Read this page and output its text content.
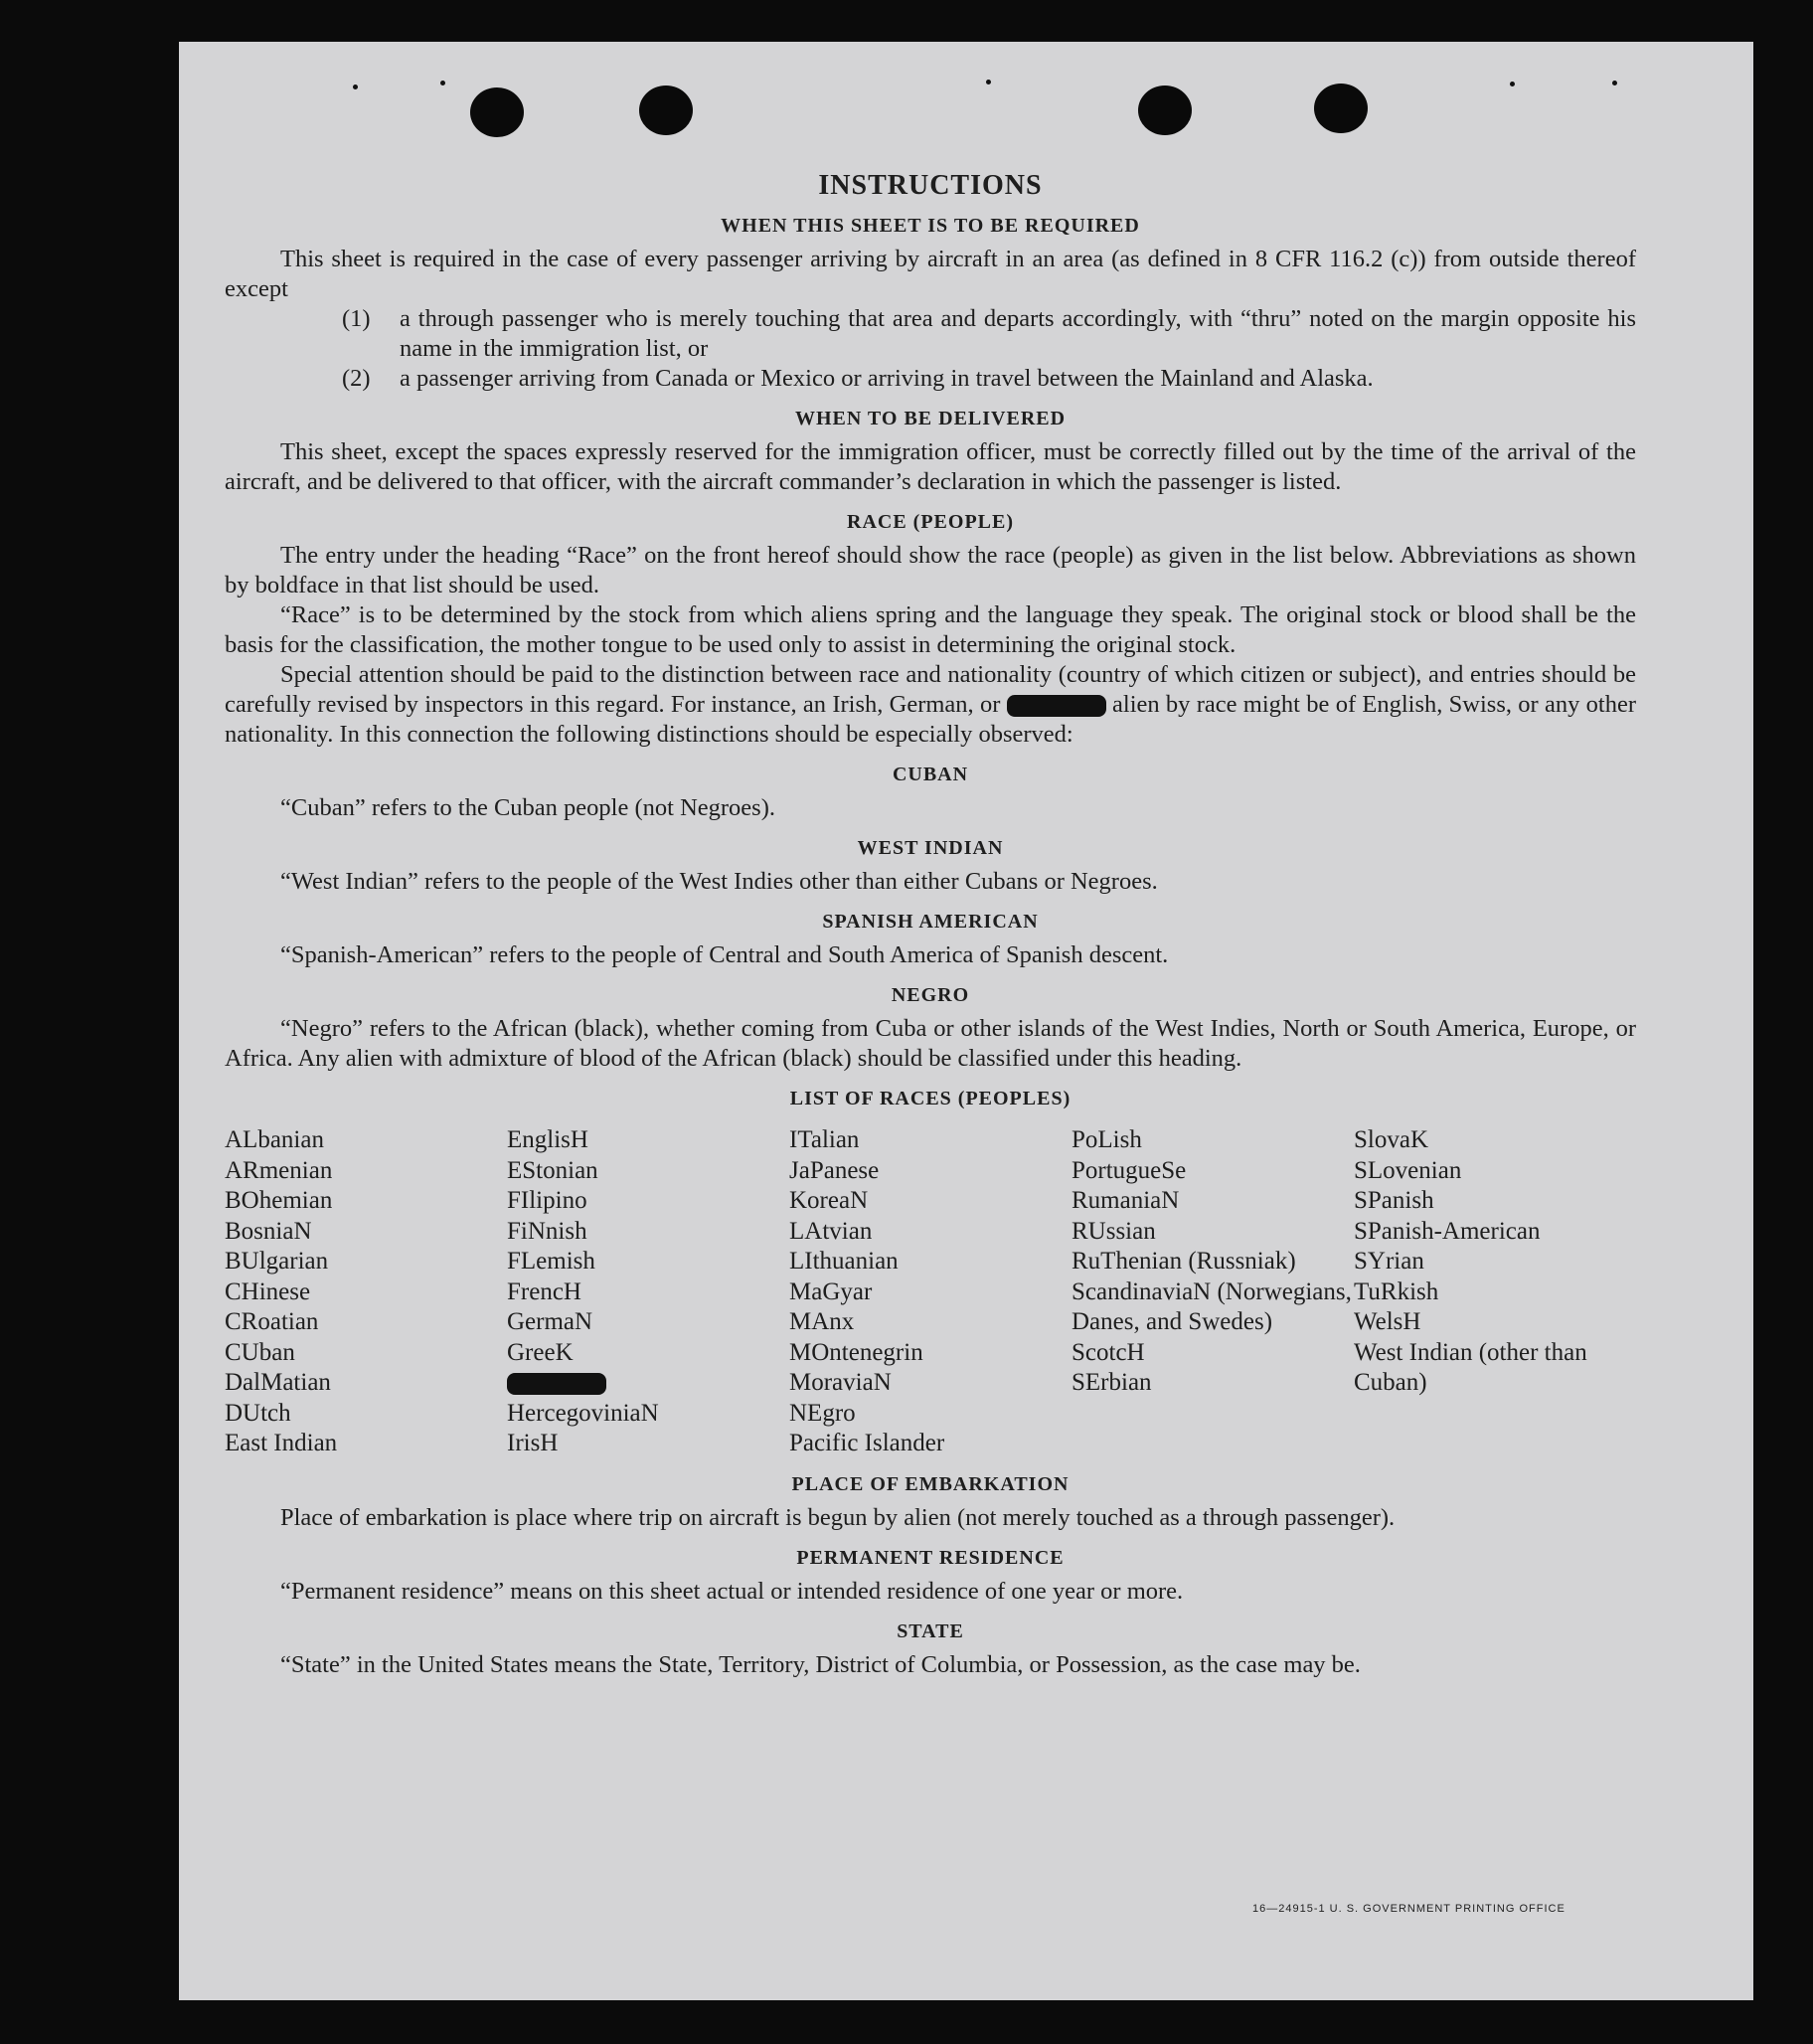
INSTRUCTIONS
WHEN THIS SHEET IS TO BE REQUIRED

This sheet is required in the case of every passenger arriving by aircraft in an area (as defined in 8 CFR 116.2 (c)) from outside thereof except

(1)	a through passenger who is merely touching that area and departs accordingly, with “thru” noted on the margin opposite his name in the immigration list, or
(2)	a passenger arriving from Canada or Mexico or arriving in travel between the Mainland and Alaska.
WHEN TO BE DELIVERED

This sheet, except the spaces expressly reserved for the immigration officer, must be correctly filled out by the time of the arrival of the aircraft, and be delivered to that officer, with the aircraft commander’s declaration in which the passenger is listed.

RACE (PEOPLE)

The entry under the heading “Race” on the front hereof should show the race (people) as given in the list below. Abbreviations as shown by boldface in that list should be used.

“Race” is to be determined by the stock from which aliens spring and the language they speak. The original stock or blood shall be the basis for the classification, the mother tongue to be used only to assist in determining the original stock.

Special attention should be paid to the distinction between race and nationality (country of which citizen or subject), and entries should be carefully revised by inspectors in this regard. For instance, an Irish, German, or	alien by race might be of English, Swiss, or any other nationality. In this connection the following distinctions should be especially observed:

CUBAN

“Cuban” refers to the Cuban people (not Negroes).

WEST INDIAN

“West Indian” refers to the people of the West Indies other than either Cubans or Negroes.

SPANISH AMERICAN

“Spanish-American” refers to the people of Central and South America of Spanish descent.

NEGRO

“Negro” refers to the African (black), whether coming from Cuba or other islands of the West Indies, North or South America, Europe, or Africa. Any alien with admixture of blood of the African (black) should be classified under this heading.

LIST OF RACES (PEOPLES)
ALbanian
ARmenian
BOhemian
BosniaN
BUlgarian
CHinese
CRoatian
CUban
DalMatian
DUtch
East Indian
EnglisH
EStonian
FIlipino
FiNnish
FLemish
FrencH
GermaN
GreeK
HercegoviniaN
IrisH
ITalian
JaPanese
KoreaN
LAtvian
LIthuanian
MaGyar
MAnx
MOntenegrin
MoraviaN
NEgro
Pacific Islander
PoLish
PortugueSe
RumaniaN
RUssian
RuThenian (Russniak)
ScandinaviaN (Norwegians, Danes, and Swedes)
ScotcH
SErbian
SlovaK
SLovenian
SPanish
SPanish-American
SYrian
TuRkish
WelsH
West Indian (other than Cuban)
PLACE OF EMBARKATION

Place of embarkation is place where trip on aircraft is begun by alien (not merely touched as a through passenger).

PERMANENT RESIDENCE

“Permanent residence” means on this sheet actual or intended residence of one year or more.

STATE

“State” in the United States means the State, Territory, District of Columbia, or Possession, as the case may be.

16—24915-1 U. S. GOVERNMENT PRINTING OFFICE
